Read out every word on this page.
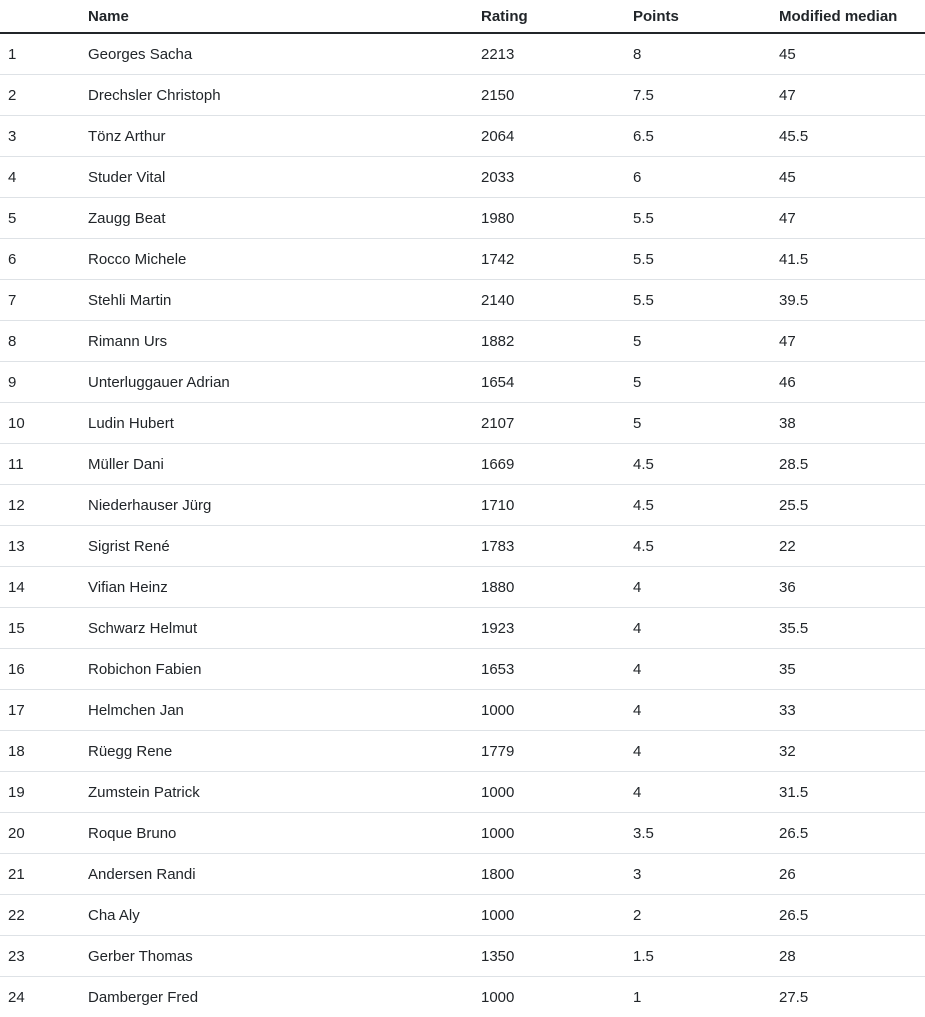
	Name	Rating	Points	Modified median
1	Georges Sacha	2213	8	45
2	Drechsler Christoph	2150	7.5	47
3	Tönz Arthur	2064	6.5	45.5
4	Studer Vital	2033	6	45
5	Zaugg Beat	1980	5.5	47
6	Rocco Michele	1742	5.5	41.5
7	Stehli Martin	2140	5.5	39.5
8	Rimann Urs	1882	5	47
9	Unterluggauer Adrian	1654	5	46
10	Ludin Hubert	2107	5	38
11	Müller Dani	1669	4.5	28.5
12	Niederhauser Jürg	1710	4.5	25.5
13	Sigrist René	1783	4.5	22
14	Vifian Heinz	1880	4	36
15	Schwarz Helmut	1923	4	35.5
16	Robichon Fabien	1653	4	35
17	Helmchen Jan	1000	4	33
18	Rüegg Rene	1779	4	32
19	Zumstein Patrick	1000	4	31.5
20	Roque Bruno	1000	3.5	26.5
21	Andersen Randi	1800	3	26
22	Cha Aly	1000	2	26.5
23	Gerber Thomas	1350	1.5	28
24	Damberger Fred	1000	1	27.5
